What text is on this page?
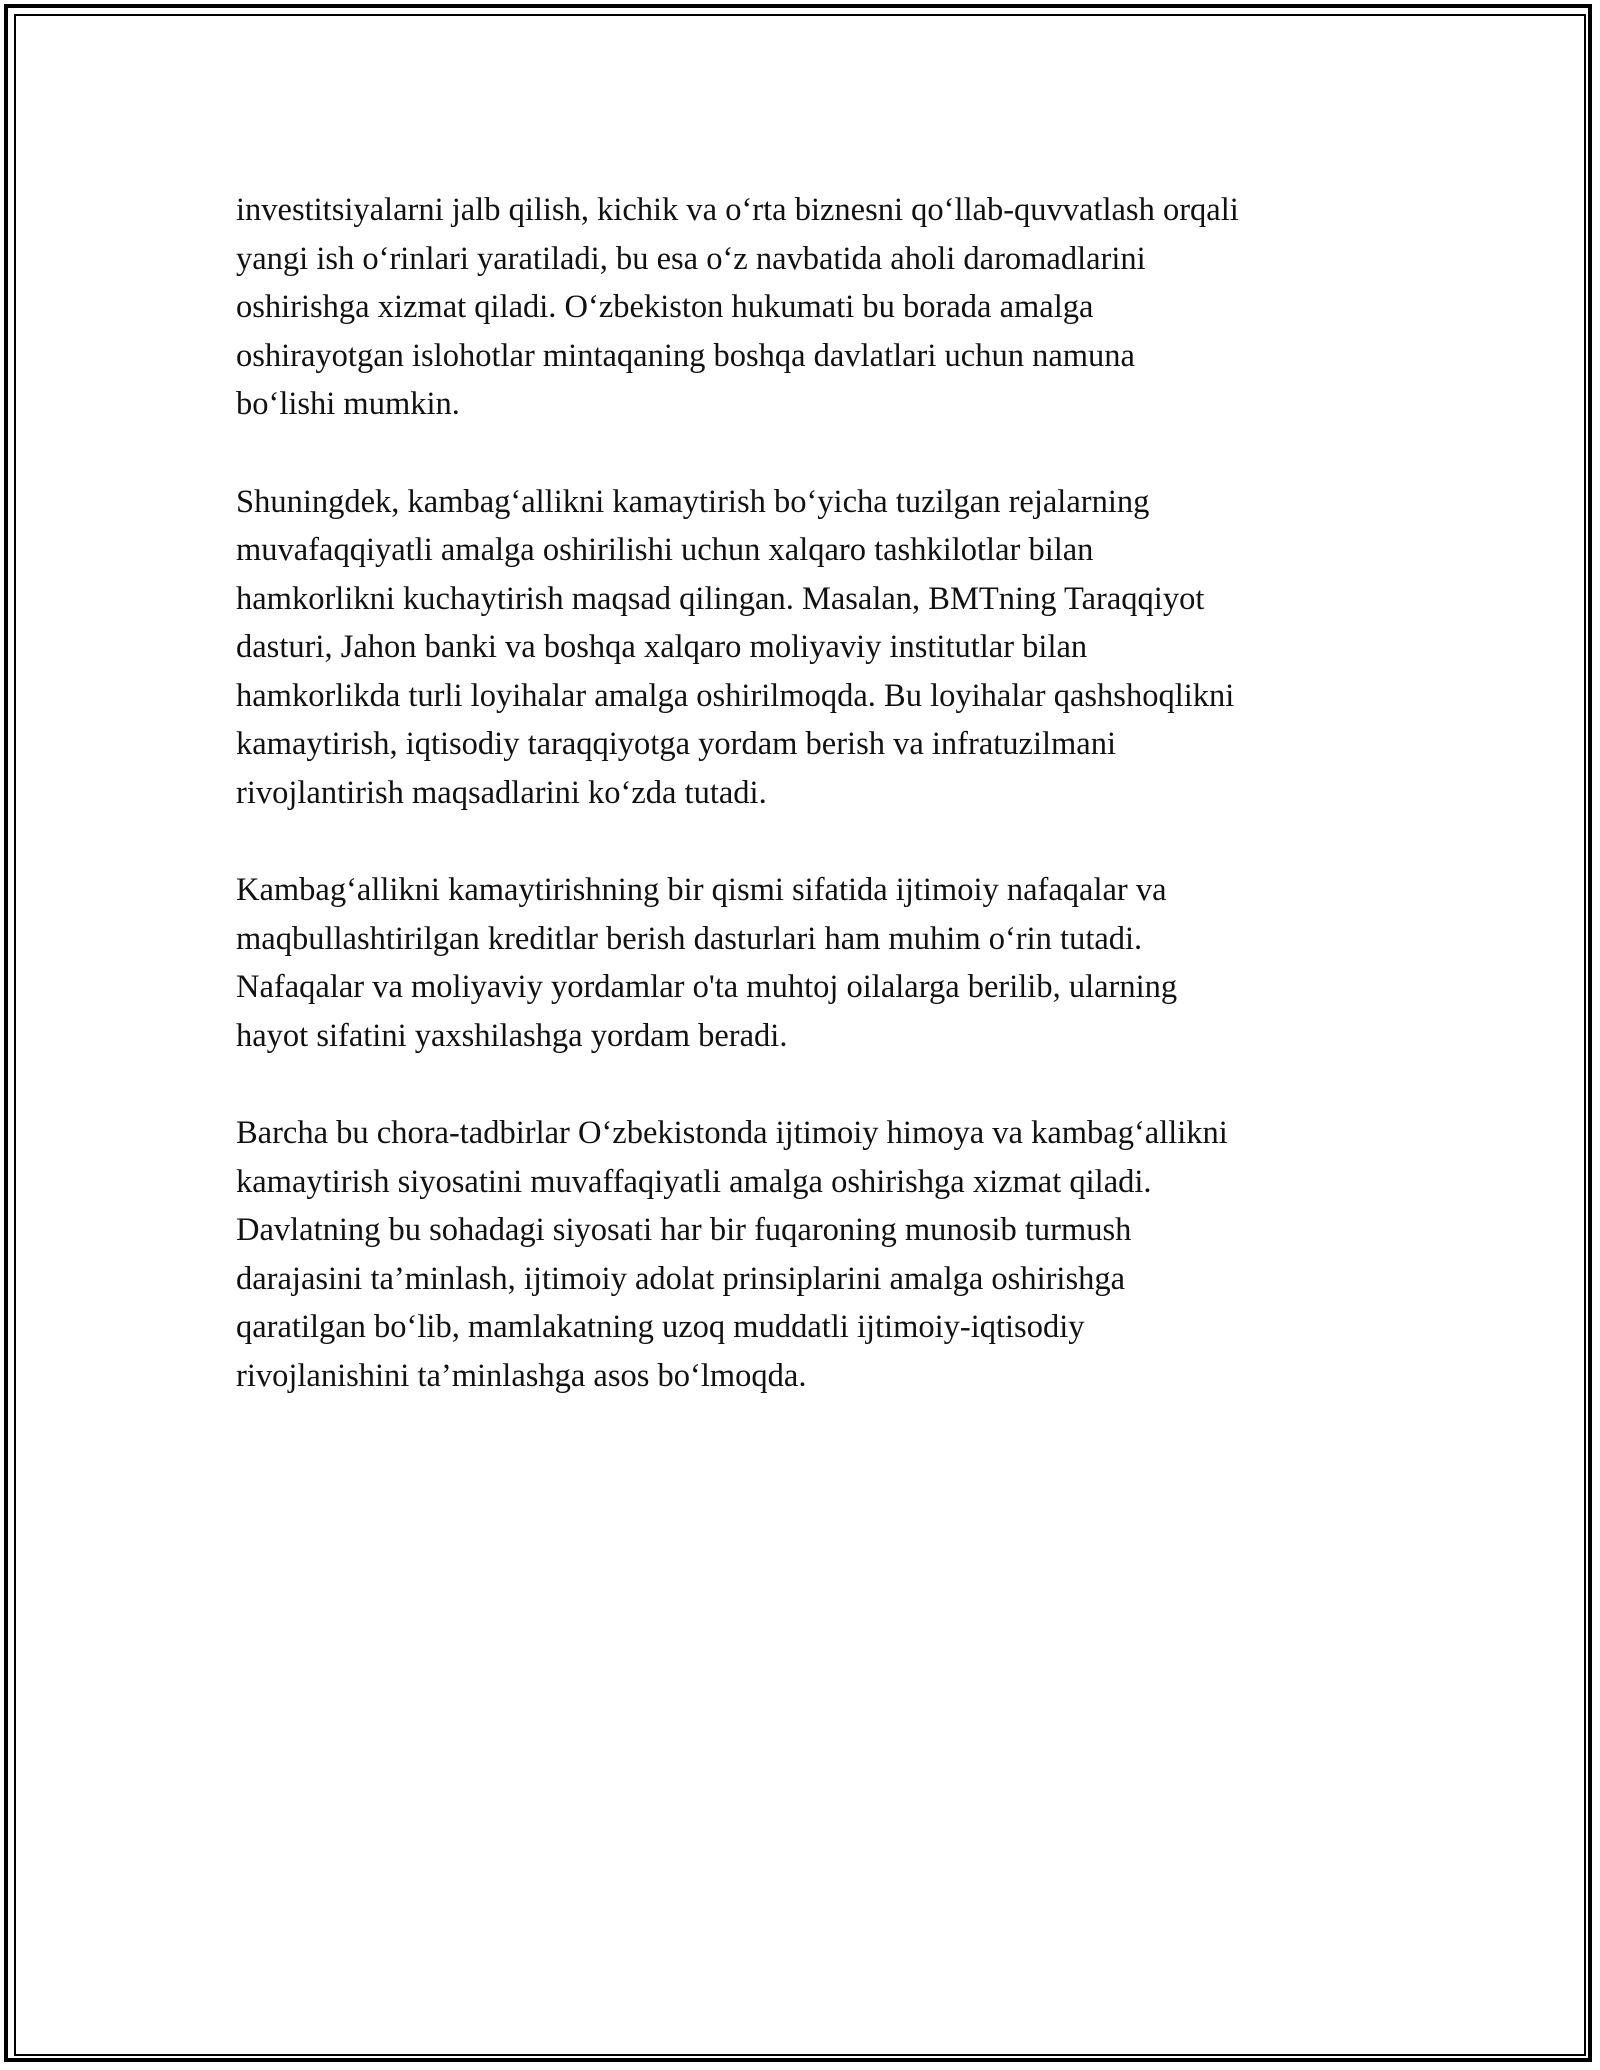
investitsiyalarni jalb qilish, kichik va o‘rta biznesni qo‘llab-quvvatlash orqali
yangi ish o‘rinlari yaratiladi, bu esa o‘z navbatida aholi daromadlarini
oshirishga xizmat qiladi. O‘zbekiston hukumati bu borada amalga
oshirayotgan islohotlar mintaqaning boshqa davlatlari uchun namuna
bo‘lishi mumkin.

Shuningdek, kambag‘allikni kamaytirish bo‘yicha tuzilgan rejalarning
muvafaqqiyatli amalga oshirilishi uchun xalqaro tashkilotlar bilan
hamkorlikni kuchaytirish maqsad qilingan. Masalan, BMTning Taraqqiyot
dasturi, Jahon banki va boshqa xalqaro moliyaviy institutlar bilan
hamkorlikda turli loyihalar amalga oshirilmoqda. Bu loyihalar qashshoqlikni
kamaytirish, iqtisodiy taraqqiyotga yordam berish va infratuzilmani
rivojlantirish maqsadlarini ko‘zda tutadi.

Kambag‘allikni kamaytirishning bir qismi sifatida ijtimoiy nafaqalar va
maqbullashtirilgan kreditlar berish dasturlari ham muhim o‘rin tutadi.
Nafaqalar va moliyaviy yordamlar o'ta muhtoj oilalarga berilib, ularning
hayot sifatini yaxshilashga yordam beradi.

Barcha bu chora-tadbirlar O‘zbekistonda ijtimoiy himoya va kambag‘allikni
kamaytirish siyosatini muvaffaqiyatli amalga oshirishga xizmat qiladi.
Davlatning bu sohadagi siyosati har bir fuqaroning munosib turmush
darajasini ta’minlash, ijtimoiy adolat prinsiplarini amalga oshirishga
qaratilgan bo‘lib, mamlakatning uzoq muddatli ijtimoiy-iqtisodiy
rivojlanishini ta’minlashga asos bo‘lmoqda.
